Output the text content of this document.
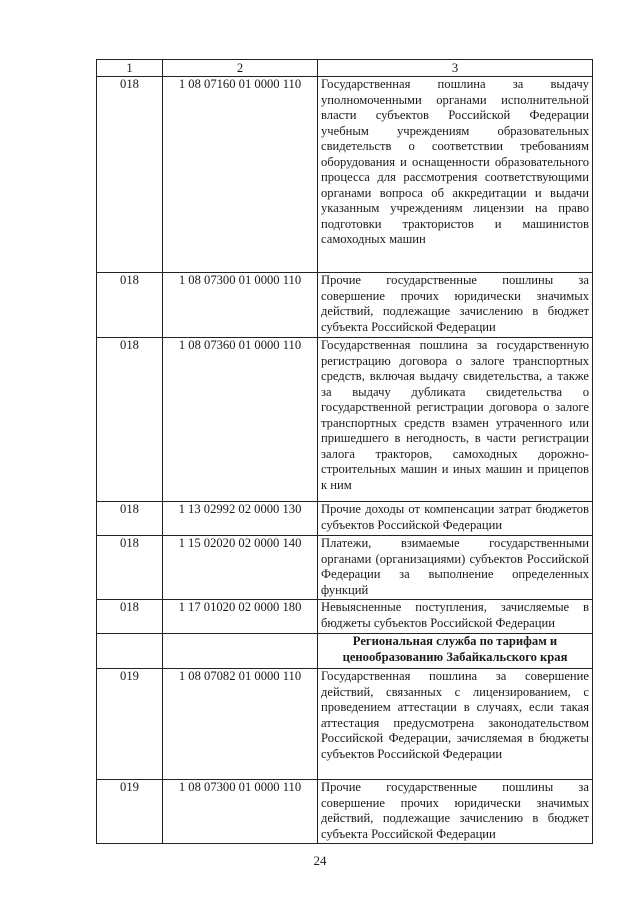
1	2	3
018	1 08 07160 01 0000 110	Государственная пошлина за выдачу уполномоченными органами исполнительной власти субъектов Российской Федерации учебным учреждениям образовательных свидетельств о соответствии требованиям оборудования и оснащенности образовательного процесса для рассмотрения соответствующими органами вопроса об аккредитации и выдачи указанным учреждениям лицензии на право подготовки трактористов и машинистов самоходных машин
018	1 08 07300 01 0000 110	Прочие государственные пошлины за совершение прочих юридически значимых действий, подлежащие зачислению в бюджет субъекта Российской Федерации
018	1 08 07360 01 0000 110	Государственная пошлина за государственную регистрацию договора о залоге транспортных средств, включая выдачу свидетельства, а также за выдачу дубликата свидетельства о государственной регистрации договора о залоге транспортных средств взамен утраченного или пришедшего в негодность, в части регистрации залога тракторов, самоходных дорожно-строительных машин и иных машин и прицепов к ним
018	1 13 02992 02 0000 130	Прочие доходы от компенсации затрат бюджетов субъектов Российской Федерации
018	1 15 02020 02 0000 140	Платежи, взимаемые государственными органами (организациями) субъектов Российской Федерации за выполнение определенных функций
018	1 17 01020 02 0000 180	Невыясненные поступления, зачисляемые в бюджеты субъектов Российской Федерации
		Региональная служба по тарифам и ценообразованию Забайкальского края
019	1 08 07082 01 0000 110	Государственная пошлина за совершение действий, связанных с лицензированием, с проведением аттестации в случаях, если такая аттестация предусмотрена законодательством Российской Федерации, зачисляемая в бюджеты субъектов Российской Федерации
019	1 08 07300 01 0000 110	Прочие государственные пошлины за совершение прочих юридически значимых действий, подлежащие зачислению в бюджет субъекта Российской Федерации
24
